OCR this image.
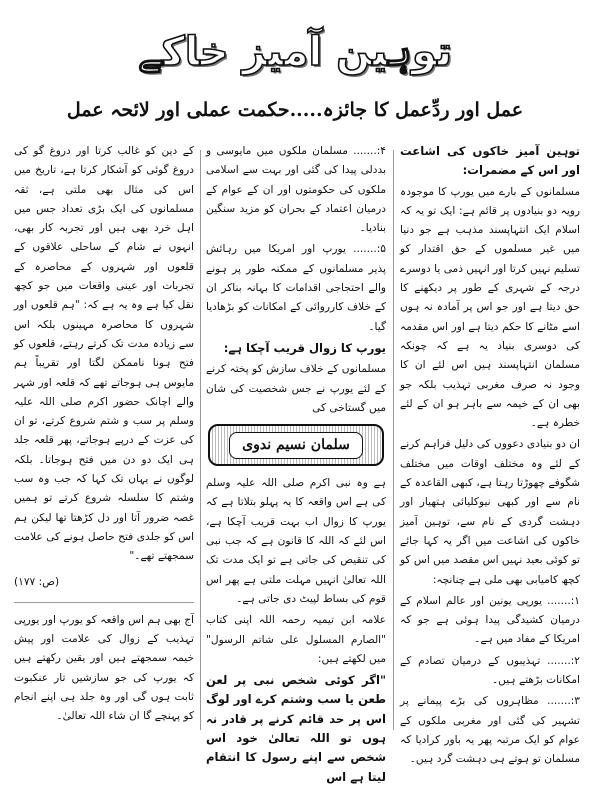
توہین آمیز خاکے
عمل اور ردِّعمل کا جائزہ.....حکمت عملی اور لائحہ عمل

توہین آمیز خاکوں کی اشاعت اور اس کے مضمرات:

مسلمانوں کے بارے میں یورپ کا موجودہ رویہ دو بنیادوں پر قائم ہے: ایک تو یہ کہ اسلام ایک انتہاپسند مذہب ہے جو دنیا میں غیر مسلموں کے حق اقتدار کو تسلیم نہیں کرتا اور انہیں ذمی یا دوسرے درجہ کے شہری کے طور پر دیکھنے کا حق دیتا ہے اور جو اس پر آمادہ نہ ہوں اسے مٹانے کا حکم دیتا ہے اور اس مقدمہ کی دوسری بنیاد یہ ہے کہ چونکہ مسلمان انتہاپسند ہیں اس لئے ان کا وجود نہ صرف مغربی تہذیب بلکہ جو بھی ان کے خیمہ سے باہر ہو ان کے لئے خطرہ ہے۔

ان دو بنیادی دعووں کی دلیل فراہم کرنے کے لئے وہ مختلف اوقات میں مختلف شگوفے چھوڑتا رہتا ہے، کبھی القاعدہ کے نام سے اور کبھی نیوکلیائی ہتھیار اور دہشت گردی کے نام سے، توہین آمیز خاکوں کی اشاعت میں اگر یہ کہا جائے تو کوئی بعید نہیں اس مقصد میں اس کو کچھ کامیابی بھی ملی ہے چنانچہ:

۱:....... یورپی یونین اور عالم اسلام کے درمیان کشیدگی پیدا ہوئی ہے جو کہ امریکا کے مفاد میں ہے۔

۲:....... تہذیبوں کے درمیان تصادم کے امکانات بڑھتے ہیں۔

۳:....... مظاہروں کی بڑے پیمانے پر تشہیر کی گئی اور مغربی ملکوں کے عوام کو ایک مرتبہ پھر یہ باور کرادیا کہ مسلمان تو ہوتے ہی دہشت گرد ہیں۔

۴:....... مسلمان ملکوں میں مایوسی و بددلی پیدا کی گئی اور بہت سے اسلامی ملکوں کی حکومتوں اور ان کے عوام کے درمیان اعتماد کے بحران کو مزید سنگین بنادیا۔

۵:....... یورپ اور امریکا میں رہائش پذیر مسلمانوں کے ممکنہ طور پر ہونے والے احتجاجی اقدامات کا بہانہ بناکر ان کے خلاف کارروائی کے امکانات کو بڑھادیا گیا۔

یورپ کا زوال قریب آچکا ہے:

مسلمانوں کے خلاف سازش کو پختہ کرنے کے لئے یورپ نے جس شخصیت کی شان میں گستاخی کی

سلمان نسیم ندوی

ہے وہ نبی اکرم صلی اللہ علیہ وسلم کی ہے اس واقعہ کا یہ پہلو بتلاتا ہے کہ یورپ کا زوال اب بہت قریب آچکا ہے، اس لئے کہ اللہ کا قانون ہے کہ جب نبی کی تنقیص کی جاتی ہے تو ایک مدت تک اللہ تعالیٰ انہیں مہلت ملتی ہے پھر اس قوم کی بساط لپیٹ دی جاتی ہے۔

علامہ ابن تیمیہ رحمہ اللہ اپنی کتاب "الصارم المسلول علی شاتم الرسول" میں لکھتے ہیں:

"اگر کوئی شخص نبی پر لعن طعن یا سب وشتم کرے اور لوگ اس پر حد قائم کرنے پر قادر نہ ہوں تو اللہ تعالیٰ خود اس شخص سے اپنے رسول کا انتقام لیتا ہے اس

کے دین کو غالب کرتا اور دروغ گو کی دروغ گوئی کو آشکار کرتا ہے، تاریخ میں اس کی مثال بھی ملتی ہے، ثقہ مسلمانوں کی ایک بڑی تعداد جس میں اہل خرد بھی ہیں اور تجربہ کار بھی، انہوں نے شام کے ساحلی علاقوں کے قلعوں اور شہروں کے محاصرہ کے تجربات اور عینی واقعات میں جو کچھ نقل کیا ہے وہ یہ ہے کہ: "ہم قلعوں اور شہروں کا محاصرہ مہینوں بلکہ اس سے زیادہ مدت تک کرتے رہتے، قلعوں کو فتح ہونا ناممکن لگتا اور تقریباً ہم مایوس ہی ہوجاتے تھے کہ قلعہ اور شہر والے اچانک حضور اکرم صلی اللہ علیہ وسلم پر سب و شتم شروع کرتے، تو ان کی عزت کے درپے ہوجاتے، پھر قلعہ جلد ہی ایک دو دن میں فتح ہوجاتا۔ بلکہ لوگوں نے یہاں تک کہا کہ جب وہ سب وشتم کا سلسلہ شروع کرتے تو ہمیں غصہ ضرور آتا اور دل کڑھتا تھا لیکن ہم اس کو جلدی فتح حاصل ہونے کی علامت سمجھتے تھے۔"

(ص: ۱۷۷)

آج بھی ہم اس واقعہ کو یورپ اور یورپی تہذیب کے زوال کی علامت اور پیش خیمہ سمجھتے ہیں اور یقین رکھتے ہیں کہ یورپ کی جو سازشیں تار عنکبوت ثابت ہوں گی اور وہ جلد ہی اپنے انجام کو پہنچے گا ان شاء اللہ تعالیٰ۔
